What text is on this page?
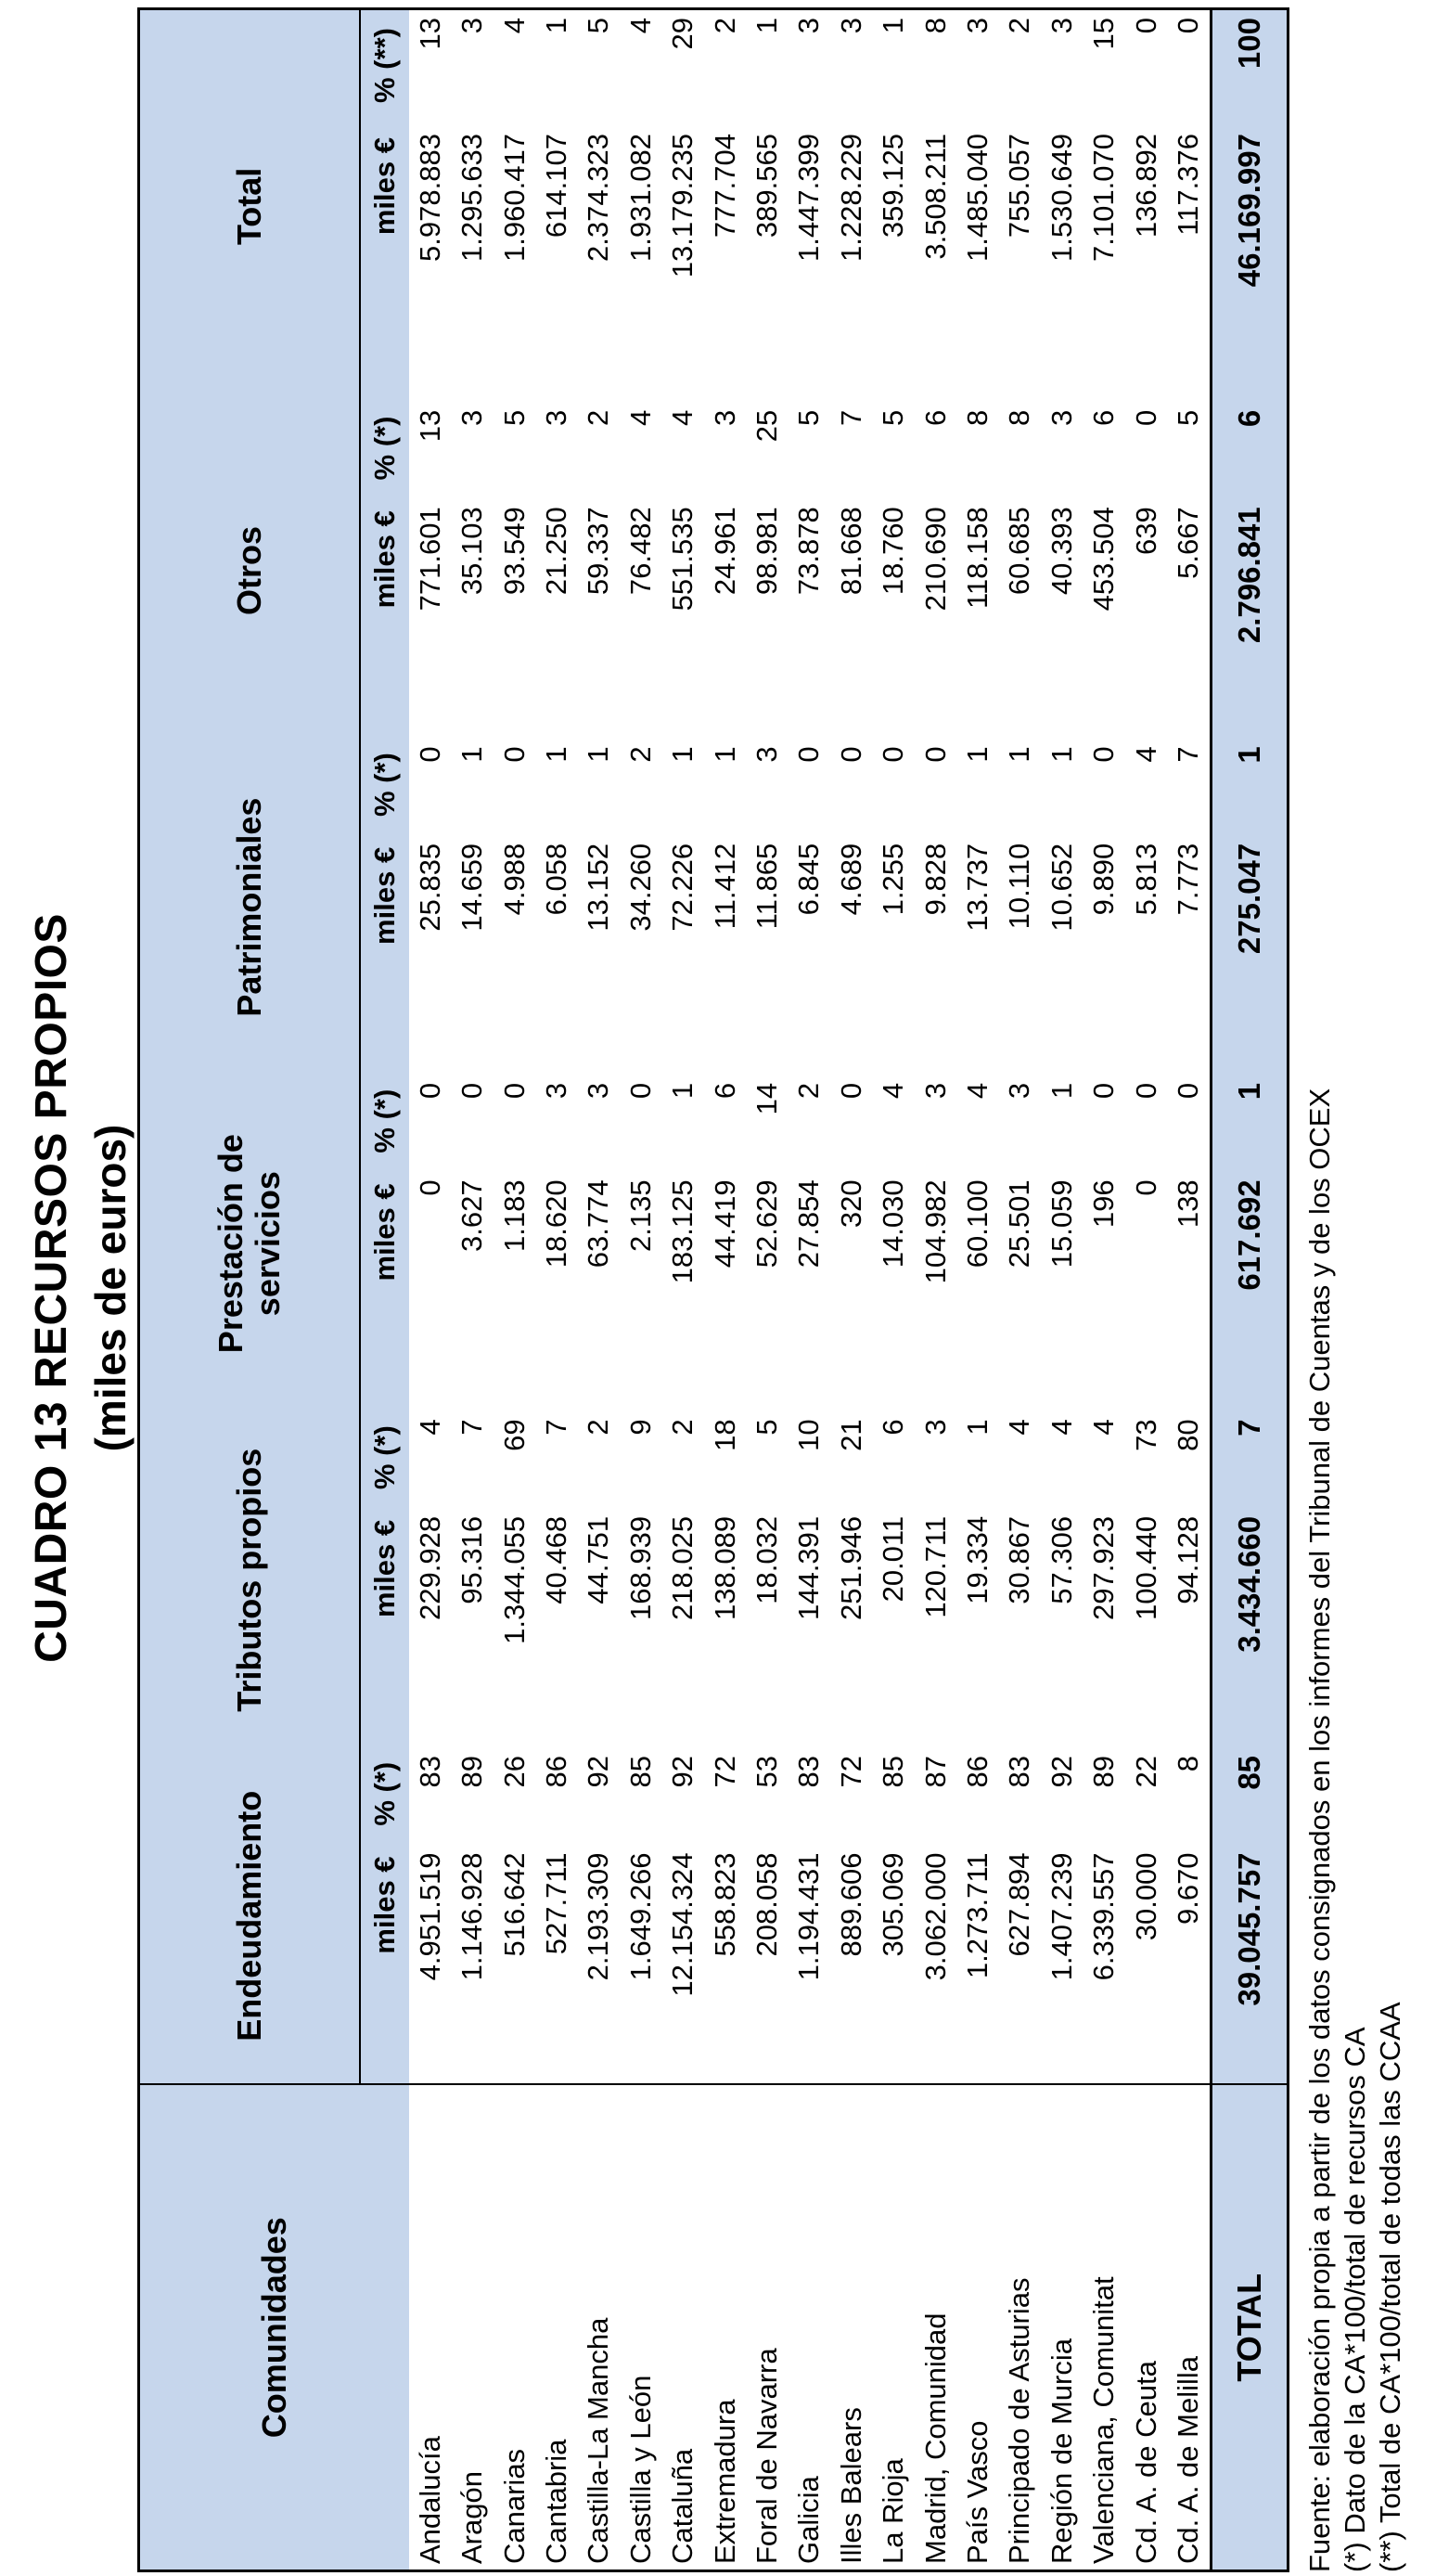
CUADRO 13 RECURSOS PROPIOS (miles de euros)
Comunidades	Endeudamiento		Tributos propios		Prestación de servicios		Patrimoniales		Otros		Total	
	miles €	% (*)	miles €	% (*)	miles €	% (*)	miles €	% (*)	miles €	% (*)	miles €	% (**)
Andalucía	4.951.519	83	229.928	4	0	0	25.835	0	771.601	13	5.978.883	13
Aragón	1.146.928	89	95.316	7	3.627	0	14.659	1	35.103	3	1.295.633	3
Canarias	516.642	26	1.344.055	69	1.183	0	4.988	0	93.549	5	1.960.417	4
Cantabria	527.711	86	40.468	7	18.620	3	6.058	1	21.250	3	614.107	1
Castilla-La Mancha	2.193.309	92	44.751	2	63.774	3	13.152	1	59.337	2	2.374.323	5
Castilla y León	1.649.266	85	168.939	9	2.135	0	34.260	2	76.482	4	1.931.082	4
Cataluña	12.154.324	92	218.025	2	183.125	1	72.226	1	551.535	4	13.179.235	29
Extremadura	558.823	72	138.089	18	44.419	6	11.412	1	24.961	3	777.704	2
Foral de Navarra	208.058	53	18.032	5	52.629	14	11.865	3	98.981	25	389.565	1
Galicia	1.194.431	83	144.391	10	27.854	2	6.845	0	73.878	5	1.447.399	3
Illes Balears	889.606	72	251.946	21	320	0	4.689	0	81.668	7	1.228.229	3
La Rioja	305.069	85	20.011	6	14.030	4	1.255	0	18.760	5	359.125	1
Madrid, Comunidad	3.062.000	87	120.711	3	104.982	3	9.828	0	210.690	6	3.508.211	8
País Vasco	1.273.711	86	19.334	1	60.100	4	13.737	1	118.158	8	1.485.040	3
Principado de Asturias	627.894	83	30.867	4	25.501	3	10.110	1	60.685	8	755.057	2
Región de Murcia	1.407.239	92	57.306	4	15.059	1	10.652	1	40.393	3	1.530.649	3
Valenciana, Comunitat	6.339.557	89	297.923	4	196	0	9.890	0	453.504	6	7.101.070	15
Cd. A. de Ceuta	30.000	22	100.440	73	0	0	5.813	4	639	0	136.892	0
Cd. A. de Melilla	9.670	8	94.128	80	138	0	7.773	7	5.667	5	117.376	0
TOTAL	39.045.757	85	3.434.660	7	617.692	1	275.047	1	2.796.841	6	46.169.997	100
Fuente: elaboración propia a partir de los datos consignados en los informes del Tribunal de Cuentas y de los OCEX (*) Dato de la CA*100/total de recursos CA (**) Total de CA*100/total de todas las CCAA
